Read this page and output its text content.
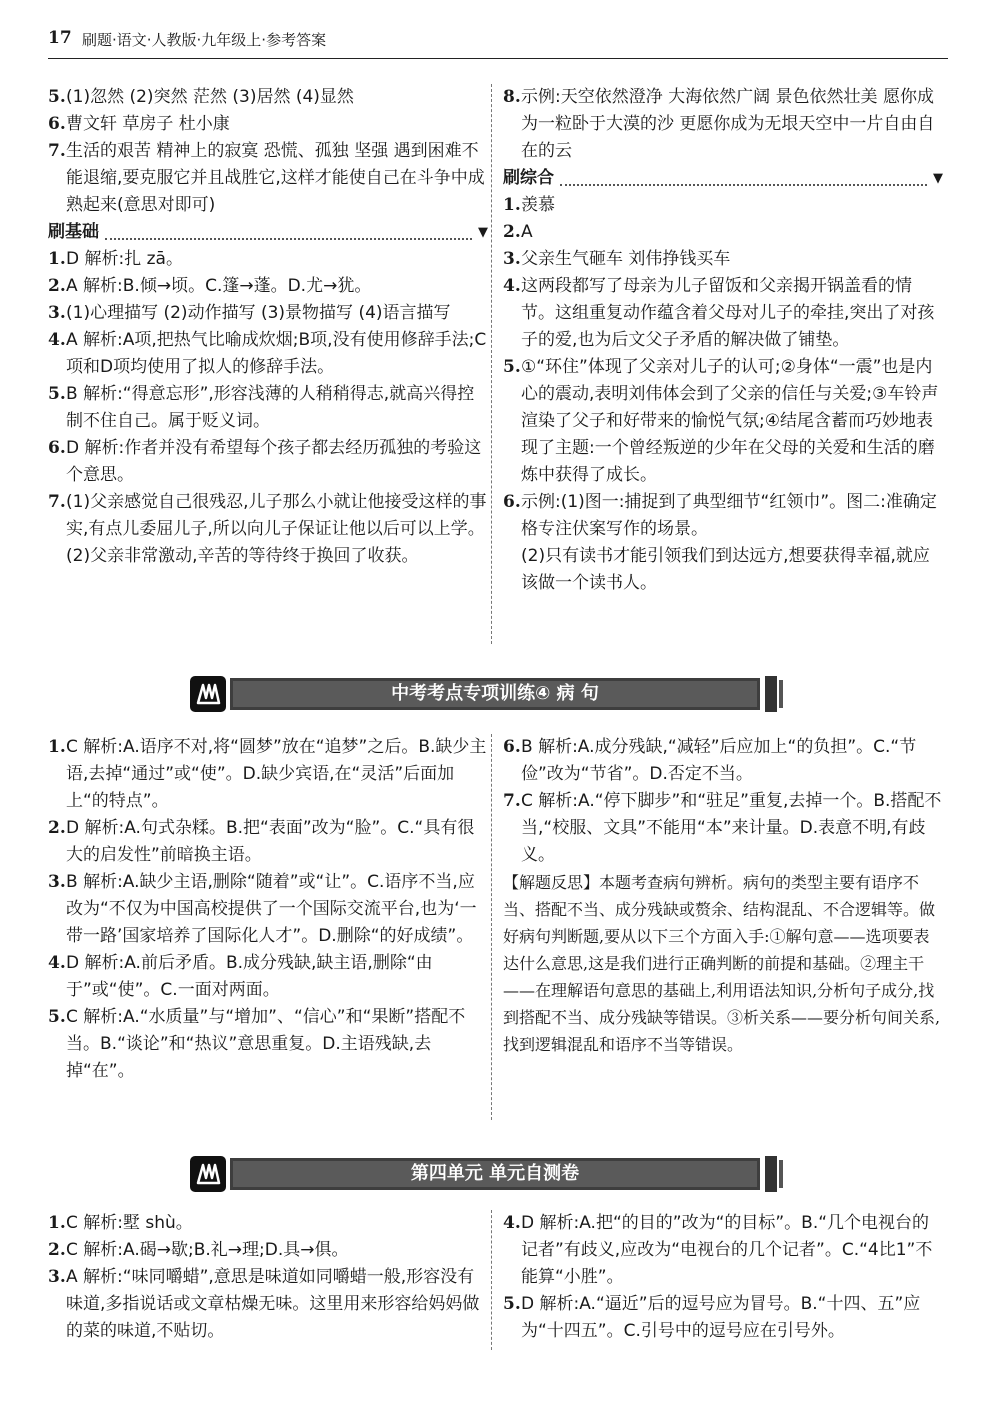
17 刷题·语文·人教版·九年级上·参考答案
5. (1)忽然 (2)突然 茫然 (3)居然 (4)显然
6. 曹文轩 草房子 杜小康
7. 生活的艰苦 精神上的寂寞 恐慌、孤独 坚强 遇到困难不能退缩,要克服它并且战胜它,这样才能使自己在斗争中成熟起来(意思对即可)
刷基础	▼
1. D 解析:扎 zā。
2. A 解析:B.倾→顷。C.篷→蓬。D.尤→犹。
3. (1)心理描写 (2)动作描写 (3)景物描写 (4)语言描写
4. A 解析:A项,把热气比喻成炊烟;B项,没有使用修辞手法;C项和D项均使用了拟人的修辞手法。
5. B 解析:“得意忘形”,形容浅薄的人稍稍得志,就高兴得控制不住自己。属于贬义词。
6. D 解析:作者并没有希望每个孩子都去经历孤独的考验这个意思。
7. (1)父亲感觉自己很残忍,儿子那么小就让他接受这样的事实,有点儿委屈儿子,所以向儿子保证让他以后可以上学。
(2)父亲非常激动,辛苦的等待终于换回了收获。
8. 示例:天空依然澄净 大海依然广阔 景色依然壮美 愿你成为一粒卧于大漠的沙 更愿你成为无垠天空中一片自由自在的云
刷综合	▼
1. 羡慕
2. A
3. 父亲生气砸车 刘伟挣钱买车
4. 这两段都写了母亲为儿子留饭和父亲揭开锅盖看的情节。这组重复动作蕴含着父母对儿子的牵挂,突出了对孩子的爱,也为后文父子矛盾的解决做了铺垫。
5. ①“环住”体现了父亲对儿子的认可;②身体“一震”也是内心的震动,表明刘伟体会到了父亲的信任与关爱;③车铃声渲染了父子和好带来的愉悦气氛;④结尾含蓄而巧妙地表现了主题:一个曾经叛逆的少年在父母的关爱和生活的磨炼中获得了成长。
6. 示例:(1)图一:捕捉到了典型细节“红领巾”。图二:准确定格专注伏案写作的场景。
(2)只有读书才能引领我们到达远方,想要获得幸福,就应该做一个读书人。
中考考点专项训练④ 病 句
1. C 解析:A.语序不对,将“圆梦”放在“追梦”之后。B.缺少主语,去掉“通过”或“使”。D.缺少宾语,在“灵活”后面加上“的特点”。
2. D 解析:A.句式杂糅。B.把“表面”改为“脸”。C.“具有很大的启发性”前暗换主语。
3. B 解析:A.缺少主语,删除“随着”或“让”。C.语序不当,应改为“不仅为中国高校提供了一个国际交流平台,也为‘一带一路’国家培养了国际化人才”。D.删除“的好成绩”。
4. D 解析:A.前后矛盾。B.成分残缺,缺主语,删除“由于”或“使”。C.一面对两面。
5. C 解析:A.“水质量”与“增加”、“信心”和“果断”搭配不当。B.“谈论”和“热议”意思重复。D.主语残缺,去掉“在”。
6. B 解析:A.成分残缺,“减轻”后应加上“的负担”。C.“节俭”改为“节省”。D.否定不当。
7. C 解析:A.“停下脚步”和“驻足”重复,去掉一个。B.搭配不当,“校服、文具”不能用“本”来计量。D.表意不明,有歧义。
【解题反思】本题考查病句辨析。病句的类型主要有语序不当、搭配不当、成分残缺或赘余、结构混乱、不合逻辑等。做好病句判断题,要从以下三个方面入手:①解句意——选项要表达什么意思,这是我们进行正确判断的前提和基础。②理主干——在理解语句意思的基础上,利用语法知识,分析句子成分,找到搭配不当、成分残缺等错误。③析关系——要分析句间关系,找到逻辑混乱和语序不当等错误。
第四单元 单元自测卷
1. C 解析:墅 shù。
2. C 解析:A.碣→歇;B.礼→理;D.具→俱。
3. A 解析:“味同嚼蜡”,意思是味道如同嚼蜡一般,形容没有味道,多指说话或文章枯燥无味。这里用来形容给妈妈做的菜的味道,不贴切。
4. D 解析:A.把“的目的”改为“的目标”。B.“几个电视台的记者”有歧义,应改为“电视台的几个记者”。C.“4比1”不能算“小胜”。
5. D 解析:A.“逼近”后的逗号应为冒号。B.“十四、五”应为“十四五”。C.引号中的逗号应在引号外。
